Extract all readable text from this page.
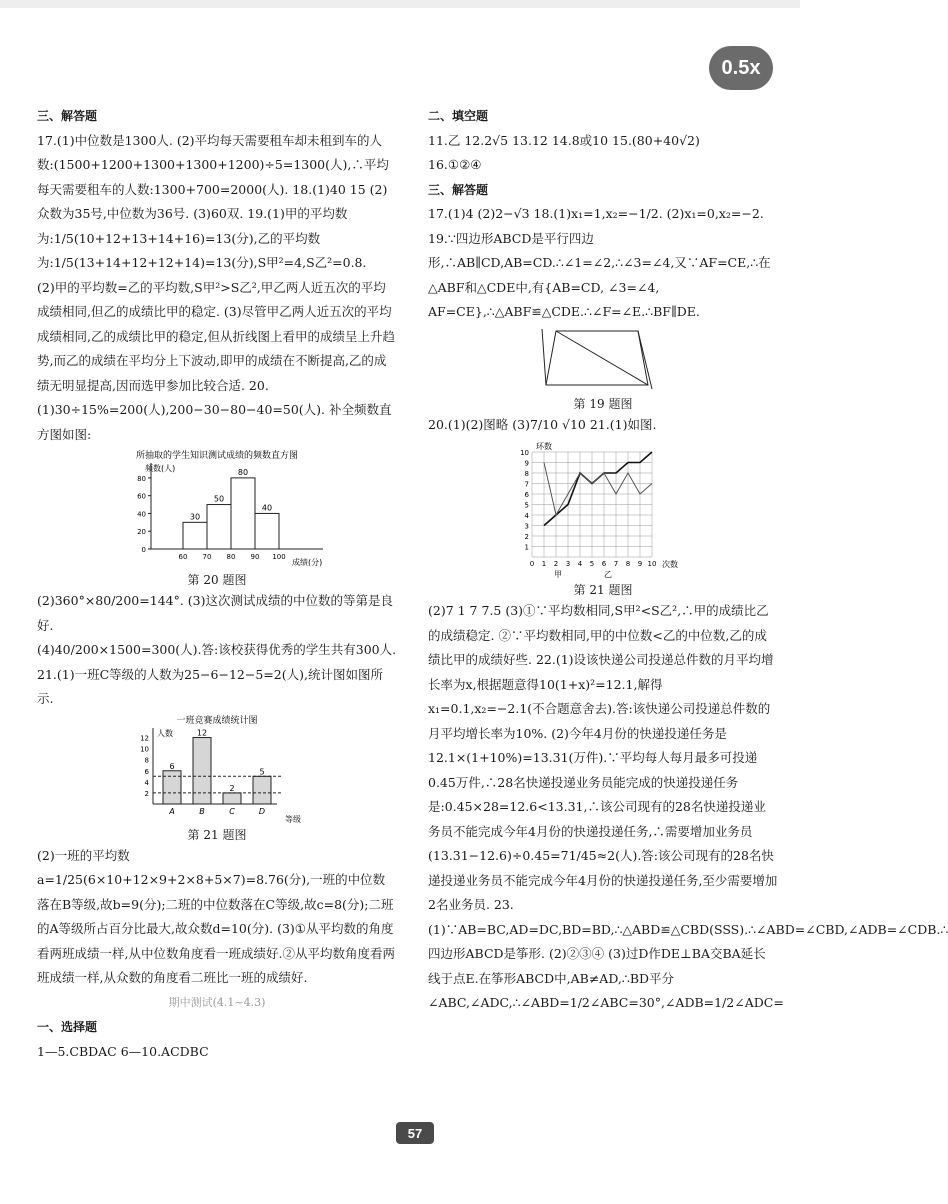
0.5x

三、解答题

17.(1)中位数是1300人. (2)平均每天需要租车却未租到车的人数:(1500+1200+1300+1300+1200)÷5=1300(人),∴平均每天需要租车的人数:1300+700=2000(人). 18.(1)40 15 (2)众数为35号,中位数为36号. (3)60双. 19.(1)甲的平均数为:1/5(10+12+13+14+16)=13(分),乙的平均数为:1/5(13+14+12+12+14)=13(分),S甲²=4,S乙²=0.8.

(2)甲的平均数=乙的平均数,S甲²>S乙²,甲乙两人近五次的平均成绩相同,但乙的成绩比甲的稳定. (3)尽管甲乙两人近五次的平均成绩相同,乙的成绩比甲的稳定,但从折线图上看甲的成绩呈上升趋势,而乙的成绩在平均分上下波动,即甲的成绩在不断提高,乙的成绩无明显提高,因而选甲参加比较合适. 20.(1)30÷15%=200(人),200−30−80−40=50(人). 补全频数直方图如图:

所抽取的学生知识测试成绩的频数直方图
频数(人)
成绩(分)
0
20
40
60
80
30
50
80
40
60 70 80 90 100
第 20 题图

(2)360°×80/200=144°. (3)这次测试成绩的中位数的等第是良好.

(4)40/200×1500=300(人).答:该校获得优秀的学生共有300人.

21.(1)一班C等级的人数为25−6−12−5=2(人),统计图如图所示.

一班竞赛成绩统计图
人数
等级
2
4
6
8
10
12
6
A
12
B
2
C
5
D
第 21 题图

(2)一班的平均数 a=1/25(6×10+12×9+2×8+5×7)=8.76(分),一班的中位数落在B等级,故b=9(分);二班的中位数落在C等级,故c=8(分);二班的A等级所占百分比最大,故众数d=10(分). (3)①从平均数的角度看两班成绩一样,从中位数角度看一班成绩好.②从平均数角度看两班成绩一样,从众数的角度看二班比一班的成绩好.

期中测试(4.1~4.3)

一、选择题

1—5.CBDAC 6—10.ACDBC

二、填空题

11.乙 12.2√5 13.12 14.8或10 15.(80+40√2)

16.①②④

三、解答题

17.(1)4 (2)2−√3 18.(1)x₁=1,x₂=−1/2. (2)x₁=0,x₂=−2. 19.∵四边形ABCD是平行四边形,∴AB∥CD,AB=CD.∴∠1=∠2,∴∠3=∠4,又∵AF=CE,∴在△ABF和△CDE中,有{AB=CD, ∠3=∠4, AF=CE},∴△ABF≌△CDE.∴∠F=∠E.∴BF∥DE.

第 19 题图

20.(1)(2)图略 (3)7/10 √10 21.(1)如图.

环数
次数
甲	乙
0 1
1
2
2
3
3
4
4
5
5
6
6
7
7
8
8
9
9
10
10
第 21 题图

(2)7 1 7 7.5 (3)①∵平均数相同,S甲²<S乙²,∴甲的成绩比乙的成绩稳定. ②∵平均数相同,甲的中位数<乙的中位数,乙的成绩比甲的成绩好些. 22.(1)设该快递公司投递总件数的月平均增长率为x,根据题意得10(1+x)²=12.1,解得x₁=0.1,x₂=−2.1(不合题意舍去).答:该快递公司投递总件数的月平均增长率为10%. (2)今年4月份的快递投递任务是12.1×(1+10%)=13.31(万件).∵平均每人每月最多可投递0.45万件,∴28名快递投递业务员能完成的快递投递任务是:0.45×28=12.6<13.31,∴该公司现有的28名快递投递业务员不能完成今年4月份的快递投递任务,∴需要增加业务员(13.31−12.6)÷0.45=71/45≈2(人).答:该公司现有的28名快递投递业务员不能完成今年4月份的快递投递任务,至少需要增加2名业务员. 23.(1)∵AB=BC,AD=DC,BD=BD,∴△ABD≌△CBD(SSS).∴∠ABD=∠CBD,∠ADB=∠CDB.∴四边形ABCD是筝形. (2)②③④ (3)过D作DE⊥BA交BA延长线于点E.在筝形ABCD中,AB≠AD,∴BD平分∠ABC,∠ADC,∴∠ABD=1/2∠ABC=30°,∠ADB=1/2∠ADC=

57
